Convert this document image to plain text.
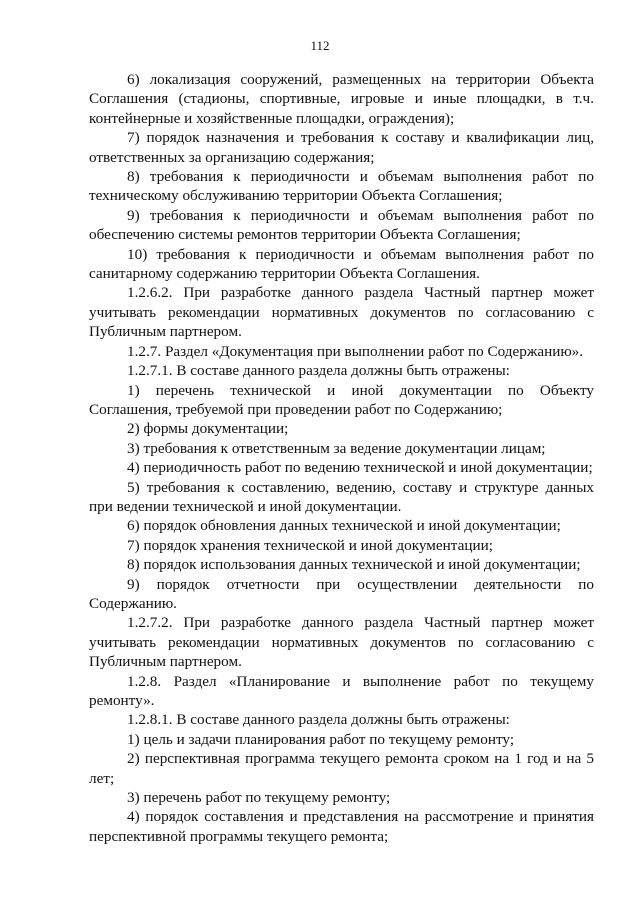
112

6) локализация сооружений, размещенных на территории Объекта Соглашения (стадионы, спортивные, игровые и иные площадки, в т.ч. контейнерные и хозяйственные площадки, ограждения);

7) порядок назначения и требования к составу и квалификации лиц, ответственных за организацию содержания;

8) требования к периодичности и объемам выполнения работ по техническому обслуживанию территории Объекта Соглашения;

9) требования к периодичности и объемам выполнения работ по обеспечению системы ремонтов территории Объекта Соглашения;

10) требования к периодичности и объемам выполнения работ по санитарному содержанию территории Объекта Соглашения.

1.2.6.2. При разработке данного раздела Частный партнер может учитывать рекомендации нормативных документов по согласованию с Публичным партнером.

1.2.7. Раздел «Документация при выполнении работ по Содержанию».

1.2.7.1. В составе данного раздела должны быть отражены:

1) перечень технической и иной документации по Объекту Соглашения, требуемой при проведении работ по Содержанию;

2) формы документации;

3) требования к ответственным за ведение документации лицам;

4) периодичность работ по ведению технической и иной документации;

5) требования к составлению, ведению, составу и структуре данных при ведении технической и иной документации.

6) порядок обновления данных технической и иной документации;

7) порядок хранения технической и иной документации;

8) порядок использования данных технической и иной документации;

9) порядок отчетности при осуществлении деятельности по Содержанию.

1.2.7.2. При разработке данного раздела Частный партнер может учитывать рекомендации нормативных документов по согласованию с Публичным партнером.

1.2.8. Раздел «Планирование и выполнение работ по текущему ремонту».

1.2.8.1. В составе данного раздела должны быть отражены:

1) цель и задачи планирования работ по текущему ремонту;

2) перспективная программа текущего ремонта сроком на 1 год и на 5 лет;

3) перечень работ по текущему ремонту;

4) порядок составления и представления на рассмотрение и принятия перспективной программы текущего ремонта;
